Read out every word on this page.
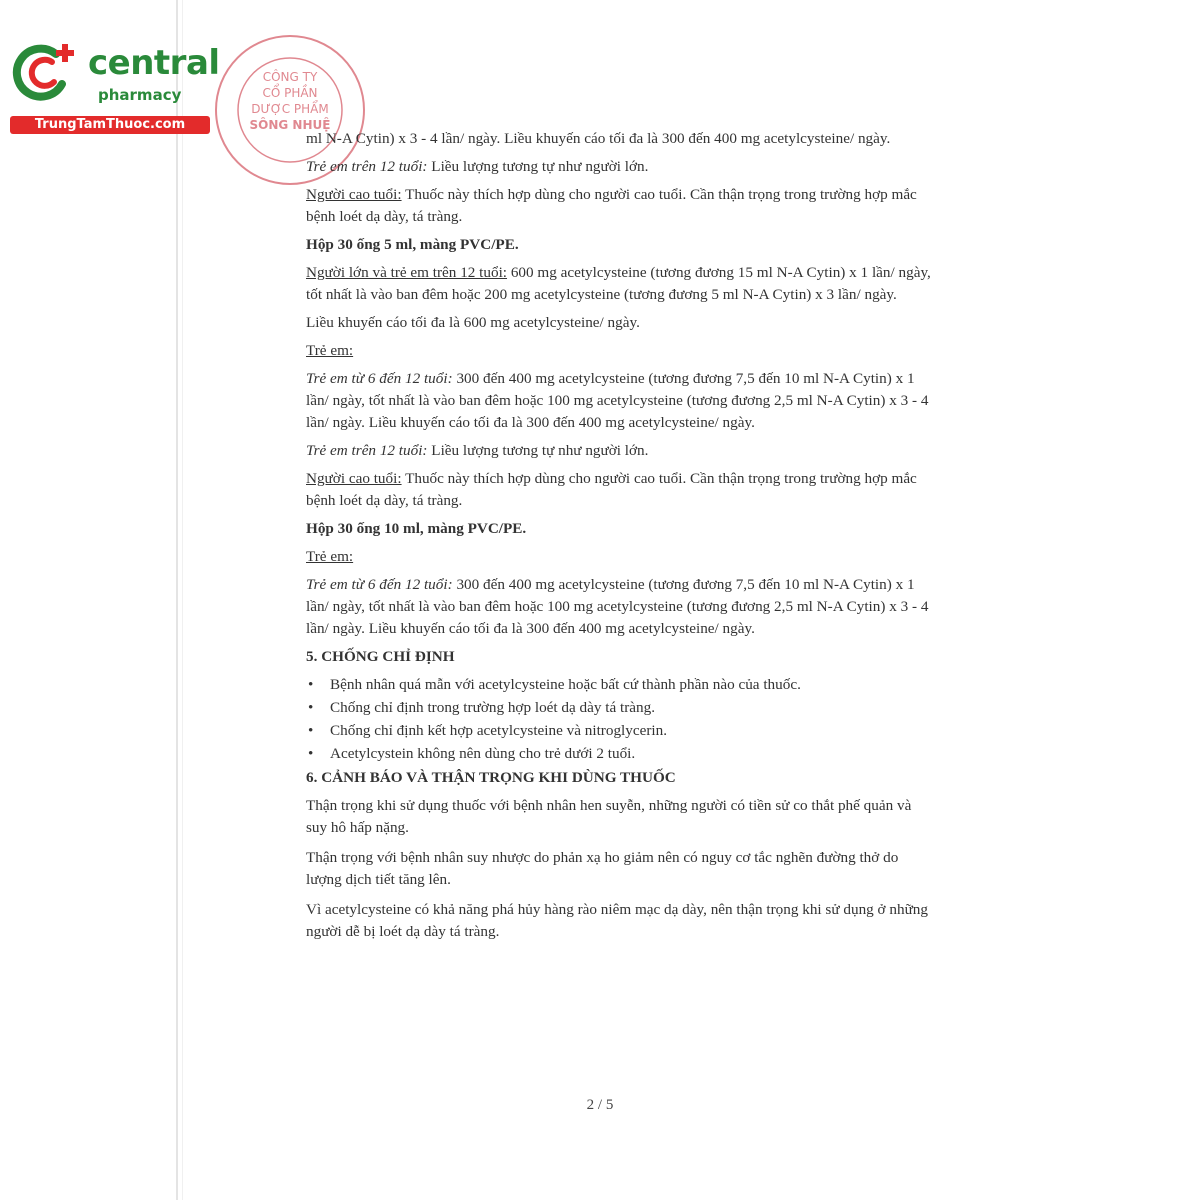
central
pharmacy
TrungTamThuoc.com
CÔNG TY
CỔ PHẦN
DƯỢC PHẨM
SÔNG NHUỆ

ml N-A Cytin) x 3 - 4 lần/ ngày. Liều khuyến cáo tối đa là 300 đến 400 mg acetylcysteine/ ngày.

Trẻ em trên 12 tuổi: Liều lượng tương tự như người lớn.

Người cao tuổi: Thuốc này thích hợp dùng cho người cao tuổi. Cần thận trọng trong trường hợp mắc bệnh loét dạ dày, tá tràng.

Hộp 30 ống 5 ml, màng PVC/PE.

Người lớn và trẻ em trên 12 tuổi: 600 mg acetylcysteine (tương đương 15 ml N-A Cytin) x 1 lần/ ngày, tốt nhất là vào ban đêm hoặc 200 mg acetylcysteine (tương đương 5 ml N-A Cytin) x 3 lần/ ngày.

Liều khuyến cáo tối đa là 600 mg acetylcysteine/ ngày.

Trẻ em:

Trẻ em từ 6 đến 12 tuổi: 300 đến 400 mg acetylcysteine (tương đương 7,5 đến 10 ml N-A Cytin) x 1 lần/ ngày, tốt nhất là vào ban đêm hoặc 100 mg acetylcysteine (tương đương 2,5 ml N-A Cytin) x 3 - 4 lần/ ngày. Liều khuyến cáo tối đa là 300 đến 400 mg acetylcysteine/ ngày.

Trẻ em trên 12 tuổi: Liều lượng tương tự như người lớn.

Người cao tuổi: Thuốc này thích hợp dùng cho người cao tuổi. Cần thận trọng trong trường hợp mắc bệnh loét dạ dày, tá tràng.

Hộp 30 ống 10 ml, màng PVC/PE.

Trẻ em:

Trẻ em từ 6 đến 12 tuổi: 300 đến 400 mg acetylcysteine (tương đương 7,5 đến 10 ml N-A Cytin) x 1 lần/ ngày, tốt nhất là vào ban đêm hoặc 100 mg acetylcysteine (tương đương 2,5 ml N-A Cytin) x 3 - 4 lần/ ngày. Liều khuyến cáo tối đa là 300 đến 400 mg acetylcysteine/ ngày.

5. CHỐNG CHỈ ĐỊNH

• Bệnh nhân quá mẫn với acetylcysteine hoặc bất cứ thành phần nào của thuốc.
• Chống chỉ định trong trường hợp loét dạ dày tá tràng.
• Chống chỉ định kết hợp acetylcysteine và nitroglycerin.
• Acetylcystein không nên dùng cho trẻ dưới 2 tuổi.

6. CẢNH BÁO VÀ THẬN TRỌNG KHI DÙNG THUỐC

Thận trọng khi sử dụng thuốc với bệnh nhân hen suyễn, những người có tiền sử co thắt phế quản và suy hô hấp nặng.

Thận trọng với bệnh nhân suy nhược do phản xạ ho giảm nên có nguy cơ tắc nghẽn đường thở do lượng dịch tiết tăng lên.

Vì acetylcysteine có khả năng phá hủy hàng rào niêm mạc dạ dày, nên thận trọng khi sử dụng ở những người dễ bị loét dạ dày tá tràng.

2 / 5
